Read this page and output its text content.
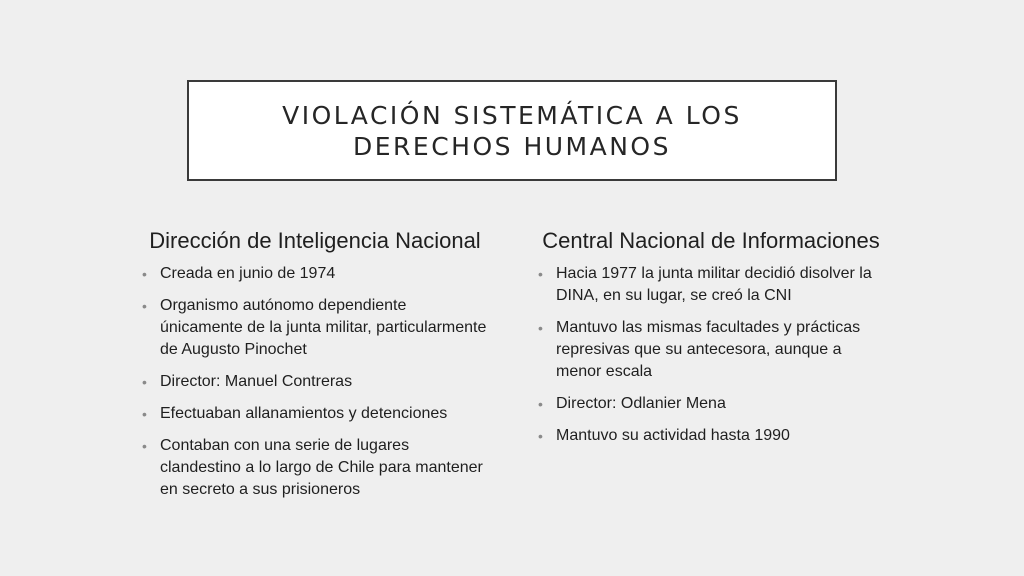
VIOLACIÓN SISTEMÁTICA A LOS DERECHOS HUMANOS
Dirección de Inteligencia Nacional
• Creada en junio de 1974
• Organismo autónomo dependiente únicamente de la junta militar, particularmente de Augusto Pinochet
• Director: Manuel Contreras
• Efectuaban allanamientos y detenciones
• Contaban con una serie de lugares clandestino a lo largo de Chile para mantener en secreto a sus prisioneros
Central Nacional de Informaciones
• Hacia 1977 la junta militar decidió disolver la DINA, en su lugar, se creó la CNI
• Mantuvo las mismas facultades y prácticas represivas que su antecesora, aunque a menor escala
• Director: Odlanier Mena
• Mantuvo su actividad hasta 1990
